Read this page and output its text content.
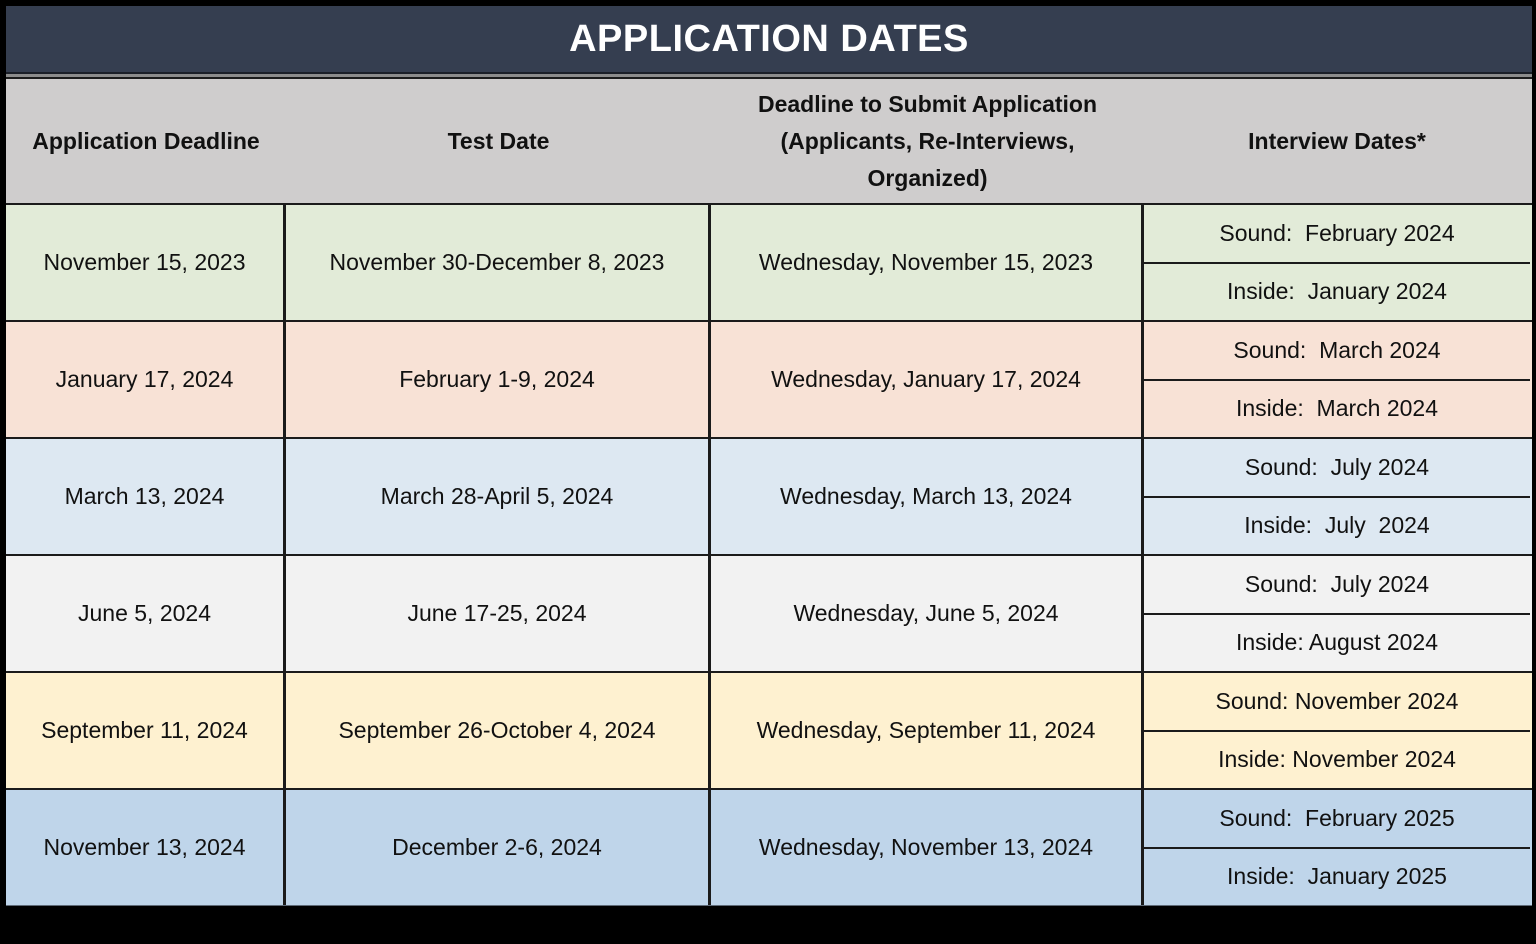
APPLICATION DATES
Application Deadline	Test Date
Deadline to Submit Application
(Applicants, Re-Interviews,
Organized)
Interview Dates*
November 15, 2023	November 30-December 8, 2023	Wednesday, November 15, 2023
Sound:  February 2024
Inside:  January 2024
January 17, 2024	February 1-9, 2024	Wednesday, January 17, 2024
Sound:  March 2024
Inside:  March 2024
March 13, 2024	March 28-April 5, 2024	Wednesday, March 13, 2024
Sound:  July 2024
Inside:  July  2024
June 5, 2024	June 17-25, 2024	Wednesday, June 5, 2024
Sound:  July 2024
Inside: August 2024
September 11, 2024	September 26-October 4, 2024	Wednesday, September 11, 2024
Sound: November 2024
Inside: November 2024
November 13, 2024	December 2-6, 2024	Wednesday, November 13, 2024
Sound:  February 2025
Inside:  January 2025
